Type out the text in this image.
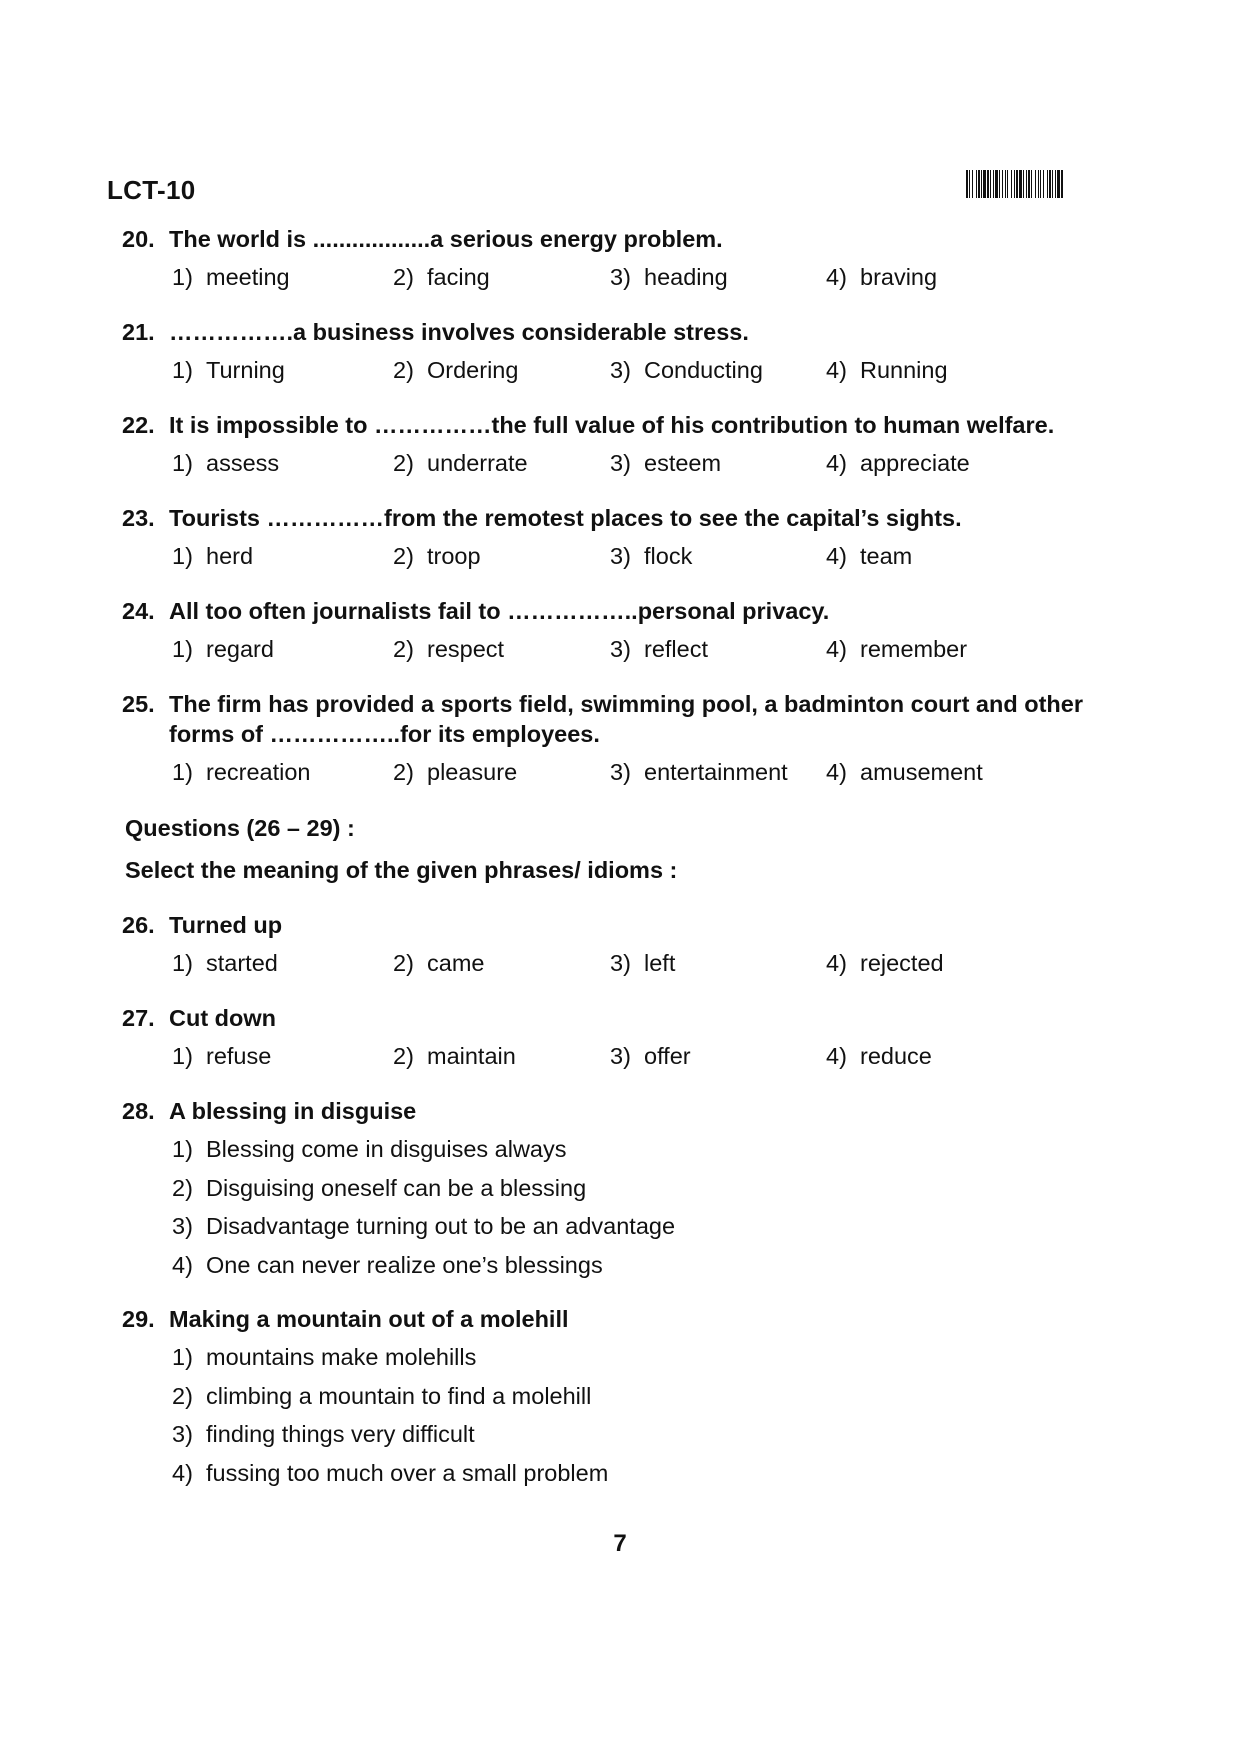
LCT-10
20. The world is ..................a serious energy problem.
1) meeting	2) facing	3) heading	4) braving
21. …………….a business involves considerable stress.
1) Turning	2) Ordering	3) Conducting	4) Running
22. It is impossible to ……………the full value of his contribution to human welfare.
1) assess	2) underrate	3) esteem	4) appreciate
23. Tourists ……………from the remotest places to see the capital’s sights.
1) herd	2) troop	3) flock	4) team
24. All too often journalists fail to ……………..personal privacy.
1) regard	2) respect	3) reflect	4) remember
25. The firm has provided a sports field, swimming pool, a badminton court and other forms of ……………..for its employees.
1) recreation	2) pleasure	3) entertainment 4) amusement
26. Turned up
1) started	2) came	3) left	4) rejected
27. Cut down
1) refuse	2) maintain	3) offer	4) reduce
28. A blessing in disguise
1) Blessing come in disguises always
2) Disguising oneself can be a blessing
3) Disadvantage turning out to be an advantage
4) One can never realize one’s blessings
29. Making a mountain out of a molehill
1) mountains make molehills
2) climbing a mountain to find a molehill
3) finding things very difficult
4) fussing too much over a small problem
Questions (26 – 29) :
Select the meaning of the given phrases/ idioms :
7
